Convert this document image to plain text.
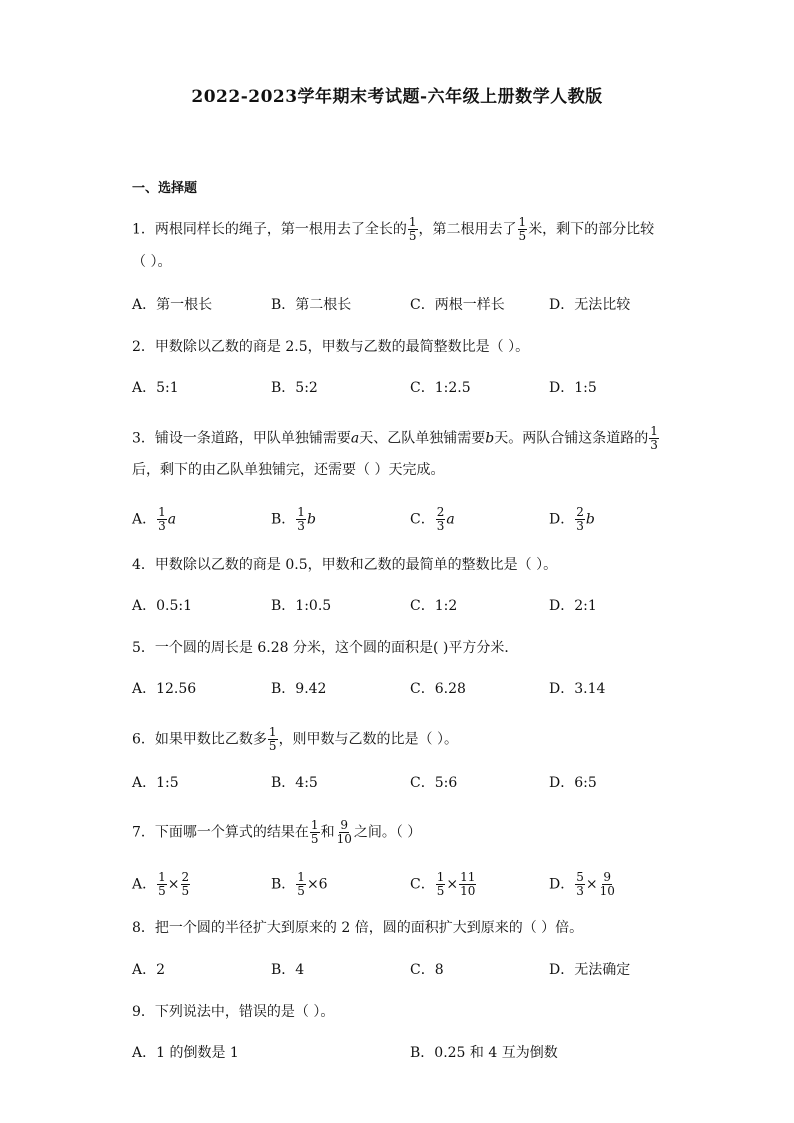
2022-2023学年期末考试题-六年级上册数学人教版
一、选择题
1．两根同样长的绳子，第一根用去了全长的 $\frac{1}{5}$ ，第二根用去了 $\frac{1}{5}$ 米，剩下的部分比较
（ ）。
A．第一根长	B．第二根长	C．两根一样长	D．无法比较
2．甲数除以乙数的商是 2.5，甲数与乙数的最简整数比是（ ）。
A．5:1	B．5:2	C．1:2.5	D．1:5
3．铺设一条道路，甲队单独铺需要a天、乙队单独铺需要b天。两队合铺这条道路的 $\frac{1}{3}$
后，剩下的由乙队单独铺完，还需要（ ）天完成。
A． $\frac{1}{3}$ a	B． $\frac{1}{3}$ b	C． $\frac{2}{3}$ a	D． $\frac{2}{3}$ b
4．甲数除以乙数的商是 0.5，甲数和乙数的最简单的整数比是（ ）。
A．0.5:1	B．1:0.5	C．1:2	D．2:1
5．一个圆的周长是 6.28 分米，这个圆的面积是( )平方分米．
A．12.56	B．9.42	C．6.28	D．3.14
6．如果甲数比乙数多 $\frac{1}{5}$ ，则甲数与乙数的比是（ ）。
A．1:5	B．4:5	C．5:6	D．6:5
7．下面哪一个算式的结果在 $\frac{1}{5}$ 和 $\frac{9}{10}$ 之间。（ ）
A． $\frac{1}{5} \times \frac{2}{5}$	B． $\frac{1}{5} \times 6$	C． $\frac{1}{5} \times \frac{11}{10}$	D． $\frac{5}{3} \times \frac{9}{10}$
8．把一个圆的半径扩大到原来的 2 倍，圆的面积扩大到原来的（ ）倍。
A．2	B．4	C．8	D．无法确定
9．下列说法中，错误的是（ ）。
A．1 的倒数是 1	B．0.25 和 4 互为倒数
